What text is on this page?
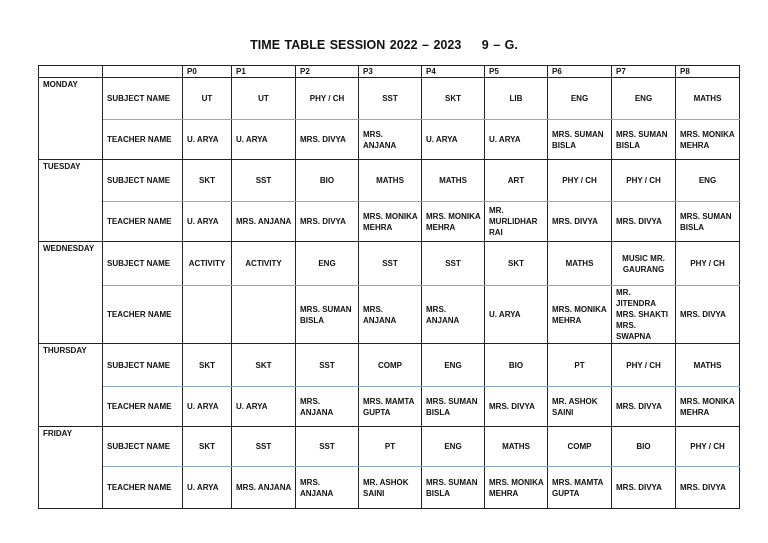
TIME TABLE SESSION 2022 – 2023 9 – G.
		P0	P1	P2	P3	P4	P5	P6	P7	P8
MONDAY	SUBJECT NAME	UT	UT	PHY / CH	SST	SKT	LIB	ENG	ENG	MATHS
	TEACHER NAME	U. ARYA	U. ARYA	MRS. DIVYA	MRS. ANJANA	U. ARYA	U. ARYA	MRS. SUMAN BISLA	MRS. SUMAN BISLA	MRS. MONIKA MEHRA
TUESDAY	SUBJECT NAME	SKT	SST	BIO	MATHS	MATHS	ART	PHY / CH	PHY / CH	ENG
	TEACHER NAME	U. ARYA	MRS. ANJANA	MRS. DIVYA	MRS. MONIKA MEHRA	MRS. MONIKA MEHRA	MR. MURLIDHAR RAI	MRS. DIVYA	MRS. DIVYA	MRS. SUMAN BISLA
WEDNESDAY	SUBJECT NAME	ACTIVITY	ACTIVITY	ENG	SST	SST	SKT	MATHS	MUSIC MR. GAURANG	PHY / CH
	TEACHER NAME			MRS. SUMAN BISLA	MRS. ANJANA	MRS. ANJANA	U. ARYA	MRS. MONIKA MEHRA	MR. JITENDRA MRS. SHAKTI MRS. SWAPNA	MRS. DIVYA
THURSDAY	SUBJECT NAME	SKT	SKT	SST	COMP	ENG	BIO	PT	PHY / CH	MATHS
	TEACHER NAME	U. ARYA	U. ARYA	MRS. ANJANA	MRS. MAMTA GUPTA	MRS. SUMAN BISLA	MRS. DIVYA	MR. ASHOK SAINI	MRS. DIVYA	MRS. MONIKA MEHRA
FRIDAY	SUBJECT NAME	SKT	SST	SST	PT	ENG	MATHS	COMP	BIO	PHY / CH
	TEACHER NAME	U. ARYA	MRS. ANJANA	MRS. ANJANA	MR. ASHOK SAINI	MRS. SUMAN BISLA	MRS. MONIKA MEHRA	MRS. MAMTA GUPTA	MRS. DIVYA	MRS. DIVYA
